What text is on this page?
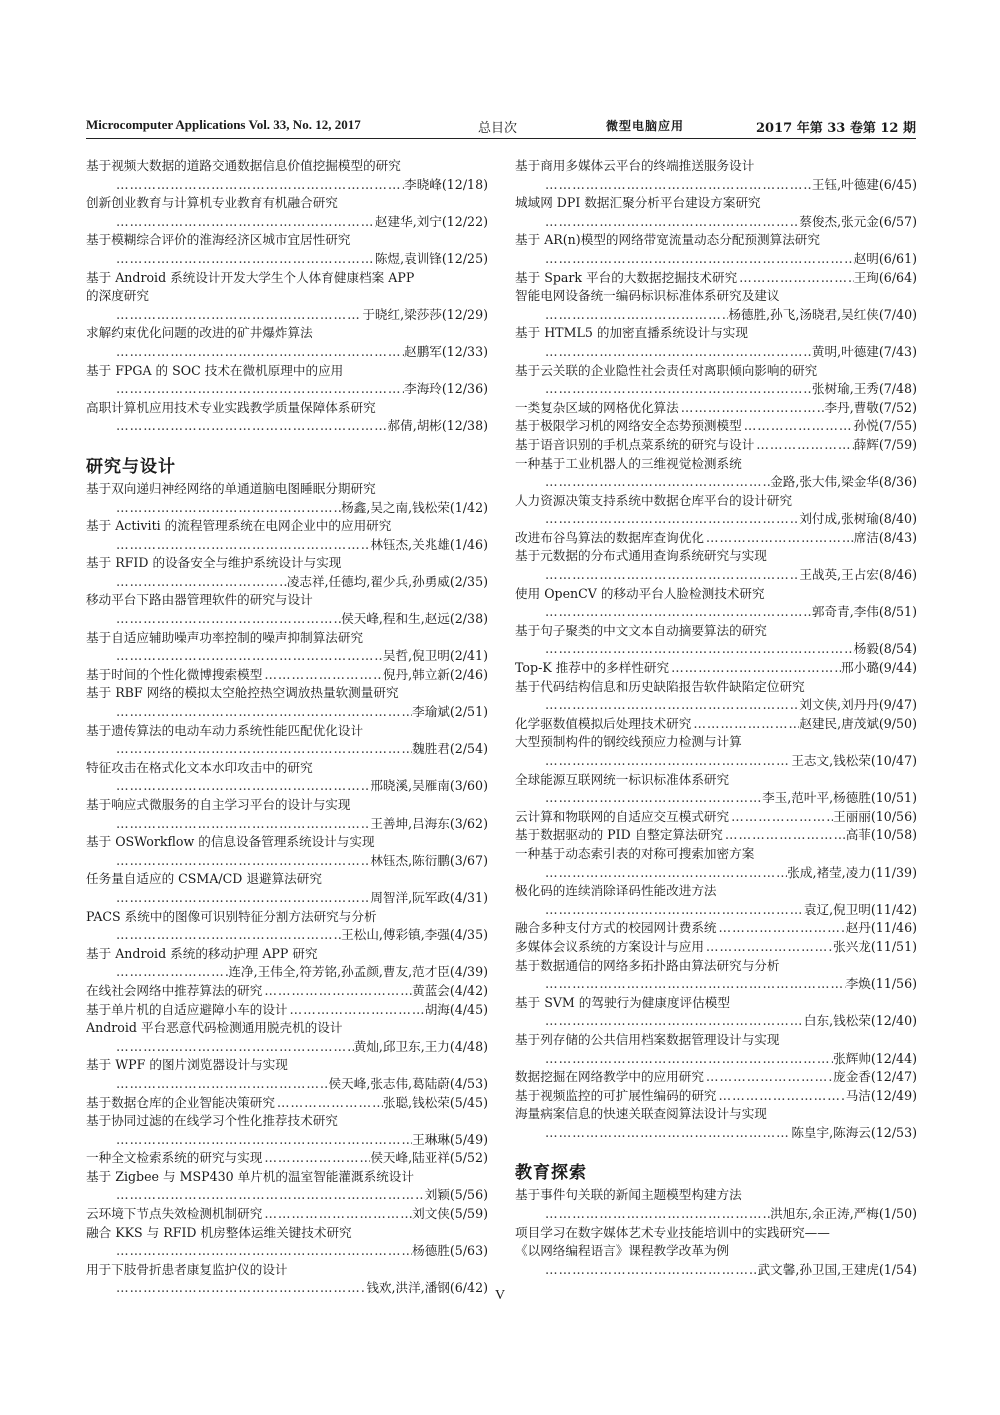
Microcomputer Applications Vol. 33, No. 12, 2017	总目次	微型电脑应用	2017 年第 33 卷第 12 期
基于视频大数据的道路交通数据信息价值挖掘模型的研究
……………………………………………………………………………………………………………………………………
李晓峰(12/18)
创新创业教育与计算机专业教育有机融合研究
……………………………………………………………………………………………………………………………………
赵建华,刘宁(12/22)
基于模糊综合评价的淮海经济区城市宜居性研究
……………………………………………………………………………………………………………………………………
陈煜,袁训锋(12/25)
基于 Android 系统设计开发大学生个人体育健康档案 APP
的深度研究
……………………………………………………………………………………………………………………………………
于晓红,梁莎莎(12/29)
求解约束优化问题的改进的矿井爆炸算法
……………………………………………………………………………………………………………………………………
赵鹏军(12/33)
基于 FPGA 的 SOC 技术在微机原理中的应用
……………………………………………………………………………………………………………………………………
李海玲(12/36)
高职计算机应用技术专业实践教学质量保障体系研究
……………………………………………………………………………………………………………………………………
郝倩,胡彬(12/38)
研究与设计
基于双向递归神经网络的单通道脑电图睡眠分期研究
……………………………………………………………………………………………………………………………………
杨鑫,吴之南,钱松荣(1/42)
基于 Activiti 的流程管理系统在电网企业中的应用研究
……………………………………………………………………………………………………………………………………
林钰杰,关兆雄(1/46)
基于 RFID 的设备安全与维护系统设计与实现
……………………………………………………………………………………………………………………………………
凌志祥,任德均,翟少兵,孙勇威(2/35)
移动平台下路由器管理软件的研究与设计
……………………………………………………………………………………………………………………………………
侯天峰,程和生,赵远(2/38)
基于自适应辅助噪声功率控制的噪声抑制算法研究
……………………………………………………………………………………………………………………………………
吴哲,倪卫明(2/41)
基于时间的个性化微博搜索模型 ……………………………………………………………………………………………………………………………………	倪丹,韩立新(2/46)
基于 RBF 网络的模拟太空舱控热空调放热量软测量研究
……………………………………………………………………………………………………………………………………
李瑜斌(2/51)
基于遗传算法的电动车动力系统性能匹配优化设计
……………………………………………………………………………………………………………………………………
魏胜君(2/54)
特征攻击在格式化文本水印攻击中的研究
……………………………………………………………………………………………………………………………………
邢晓溪,吴雁南(3/60)
基于响应式微服务的自主学习平台的设计与实现
……………………………………………………………………………………………………………………………………
王善坤,吕海东(3/62)
基于 OSWorkflow 的信息设备管理系统设计与实现
……………………………………………………………………………………………………………………………………
林钰杰,陈衍鹏(3/67)
任务量自适应的 CSMA/CD 退避算法研究
……………………………………………………………………………………………………………………………………
周智洋,阮军政(4/31)
PACS 系统中的图像可识别特征分割方法研究与分析
……………………………………………………………………………………………………………………………………
王松山,傅彩镇,李强(4/35)
基于 Android 系统的移动护理 APP 研究
……………………………………………………………………………………………………………………………………
连净,王伟全,符芳铭,孙孟颜,曹友,范才臣(4/39)
在线社会网络中推荐算法的研究 ……………………………………………………………………………………………………………………………………	黄蓝会(4/42)
基于单片机的自适应避障小车的设计 ……………………………………………………………………………………………………………………………………	胡海(4/45)
Android 平台恶意代码检测通用脱壳机的设计
……………………………………………………………………………………………………………………………………
黄灿,邱卫东,王力(4/48)
基于 WPF 的图片浏览器设计与实现
……………………………………………………………………………………………………………………………………
侯天峰,张志伟,葛陆蔚(4/53)
基于数据仓库的企业智能决策研究 ……………………………………………………………………………………………………………………………………	张聪,钱松荣(5/45)
基于协同过滤的在线学习个性化推荐技术研究
……………………………………………………………………………………………………………………………………
王琳琳(5/49)
一种全文检索系统的研究与实现 ……………………………………………………………………………………………………………………………………	侯天峰,陆亚祥(5/52)
基于 Zigbee 与 MSP430 单片机的温室智能灌溉系统设计
……………………………………………………………………………………………………………………………………
刘颖(5/56)
云环境下节点失效检测机制研究 ……………………………………………………………………………………………………………………………………	刘文侠(5/59)
融合 KKS 与 RFID 机房整体运维关键技术研究
……………………………………………………………………………………………………………………………………
杨德胜(5/63)
用于下肢骨折患者康复监护仪的设计
……………………………………………………………………………………………………………………………………
钱欢,洪洋,潘钢(6/42)
基于商用多媒体云平台的终端推送服务设计
……………………………………………………………………………………………………………………………………
王钰,叶德建(6/45)
城域网 DPI 数据汇聚分析平台建设方案研究
……………………………………………………………………………………………………………………………………
蔡俊杰,张元金(6/57)
基于 AR(n)模型的网络带宽流量动态分配预测算法研究
……………………………………………………………………………………………………………………………………
赵明(6/61)
基于 Spark 平台的大数据挖掘技术研究 ……………………………………………………………………………………………………………………………………	王珣(6/64)
智能电网设备统一编码标识标准体系研究及建议
……………………………………………………………………………………………………………………………………
杨德胜,孙飞,汤晓君,吴红侠(7/40)
基于 HTML5 的加密直播系统设计与实现
……………………………………………………………………………………………………………………………………
黄明,叶德建(7/43)
基于云关联的企业隐性社会责任对离职倾向影响的研究
……………………………………………………………………………………………………………………………………
张树瑜,王秀(7/48)
一类复杂区域的网格优化算法 ……………………………………………………………………………………………………………………………………	李丹,曹敬(7/52)
基于极限学习机的网络安全态势预测模型 ……………………………………………………………………………………………………………………………………	孙悦(7/55)
基于语音识别的手机点菜系统的研究与设计 ……………………………………………………………………………………………………………………………………	薛辉(7/59)
一种基于工业机器人的三维视觉检测系统
……………………………………………………………………………………………………………………………………
金路,张大伟,梁金华(8/36)
人力资源决策支持系统中数据仓库平台的设计研究
……………………………………………………………………………………………………………………………………
刘付成,张树瑜(8/40)
改进布谷鸟算法的数据库查询优化 ……………………………………………………………………………………………………………………………………	席洁(8/43)
基于元数据的分布式通用查询系统研究与实现
……………………………………………………………………………………………………………………………………
王战英,王占宏(8/46)
使用 OpenCV 的移动平台人脸检测技术研究
……………………………………………………………………………………………………………………………………
郭奇青,李伟(8/51)
基于句子聚类的中文文本自动摘要算法的研究
……………………………………………………………………………………………………………………………………
杨毅(8/54)
Top-K 推荐中的多样性研究 ……………………………………………………………………………………………………………………………………	邢小璐(9/44)
基于代码结构信息和历史缺陷报告软件缺陷定位研究
……………………………………………………………………………………………………………………………………
刘文侠,刘丹丹(9/47)
化学驱数值模拟后处理技术研究 ……………………………………………………………………………………………………………………………………	赵建民,唐茂斌(9/50)
大型预制构件的钢绞线预应力检测与计算
……………………………………………………………………………………………………………………………………
王志文,钱松荣(10/47)
全球能源互联网统一标识标准体系研究
……………………………………………………………………………………………………………………………………
李玉,范叶平,杨德胜(10/51)
云计算和物联网的自适应交互模式研究 ……………………………………………………………………………………………………………………………………	王丽丽(10/56)
基于数据驱动的 PID 自整定算法研究 ……………………………………………………………………………………………………………………………………	高菲(10/58)
一种基于动态索引表的对称可搜索加密方案
……………………………………………………………………………………………………………………………………
张成,褚莹,凌力(11/39)
极化码的连续消除译码性能改进方法
……………………………………………………………………………………………………………………………………
袁辽,倪卫明(11/42)
融合多种支付方式的校园网计费系统 ……………………………………………………………………………………………………………………………………	赵丹(11/46)
多媒体会议系统的方案设计与应用 ……………………………………………………………………………………………………………………………………	张兴龙(11/51)
基于数据通信的网络多拓扑路由算法研究与分析
……………………………………………………………………………………………………………………………………
李焕(11/56)
基于 SVM 的驾驶行为健康度评估模型
……………………………………………………………………………………………………………………………………
白东,钱松荣(12/40)
基于列存储的公共信用档案数据管理设计与实现
……………………………………………………………………………………………………………………………………
张辉帅(12/44)
数据挖掘在网络教学中的应用研究 ……………………………………………………………………………………………………………………………………	庞金香(12/47)
基于视频监控的可扩展性编码的研究 ……………………………………………………………………………………………………………………………………	马洁(12/49)
海量病案信息的快速关联查阅算法设计与实现
……………………………………………………………………………………………………………………………………
陈皇宇,陈海云(12/53)
教育探索
基于事件句关联的新闻主题模型构建方法
……………………………………………………………………………………………………………………………………
洪旭东,余正涛,严梅(1/50)
项目学习在数字媒体艺术专业技能培训中的实践研究——
《以网络编程语言》课程教学改革为例
……………………………………………………………………………………………………………………………………
武文馨,孙卫国,王建虎(1/54)
V
